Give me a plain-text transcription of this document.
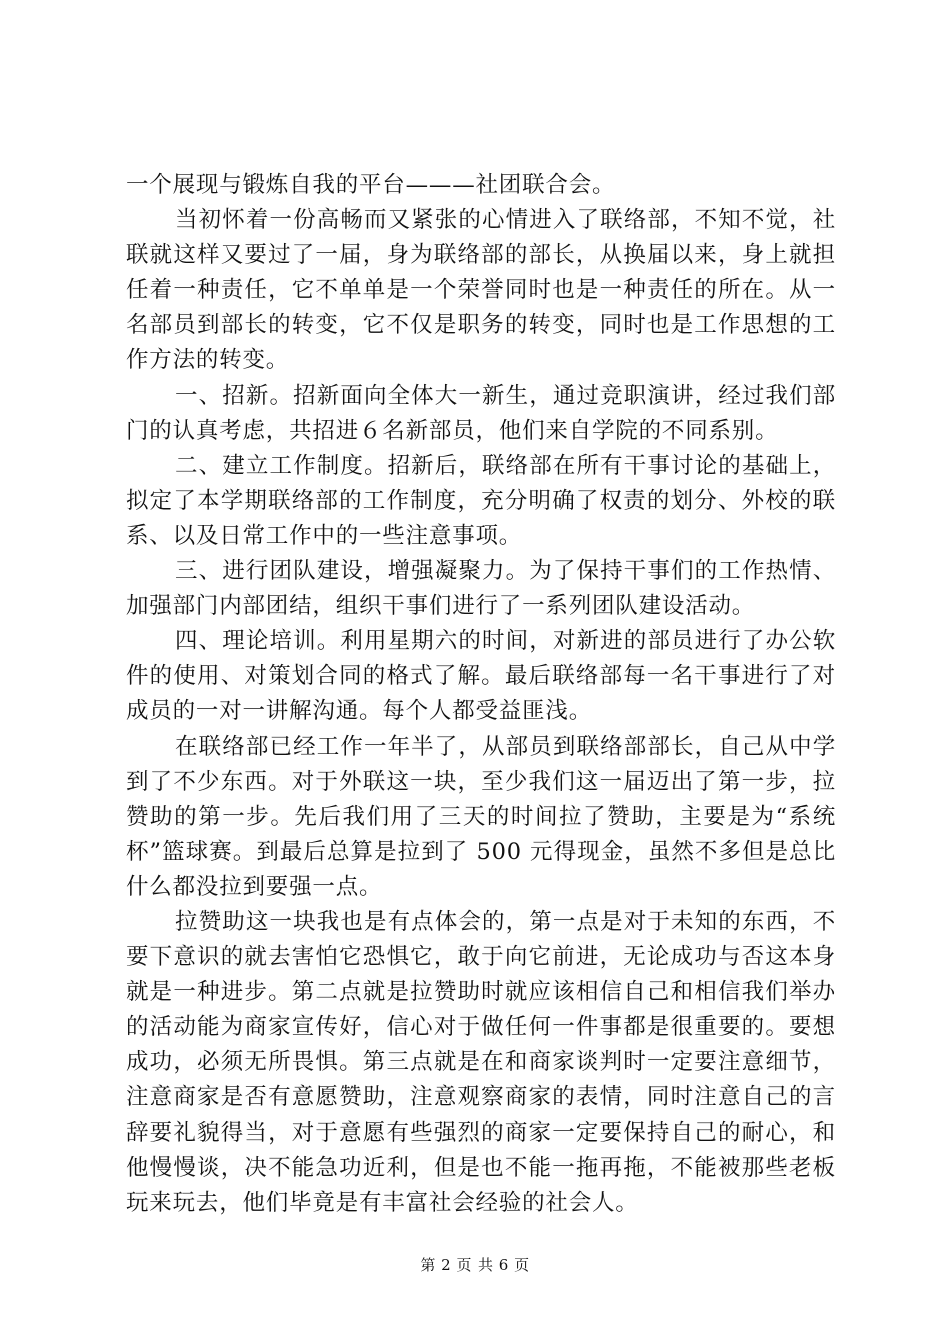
一个展现与锻炼自我的平台———社团联合会。

当初怀着一份高畅而又紧张的心情进入了联络部，不知不觉，社联就这样又要过了一届，身为联络部的部长，从换届以来，身上就担任着一种责任，它不单单是一个荣誉同时也是一种责任的所在。从一名部员到部长的转变，它不仅是职务的转变，同时也是工作思想的工作方法的转变。

一、招新。招新面向全体大一新生，通过竞职演讲，经过我们部门的认真考虑，共招进６名新部员，他们来自学院的不同系别。

二、建立工作制度。招新后，联络部在所有干事讨论的基础上，拟定了本学期联络部的工作制度，充分明确了权责的划分、外校的联系、以及日常工作中的一些注意事项。

三、进行团队建设，增强凝聚力。为了保持干事们的工作热情、加强部门内部团结，组织干事们进行了一系列团队建设活动。

四、理论培训。利用星期六的时间，对新进的部员进行了办公软件的使用、对策划合同的格式了解。最后联络部每一名干事进行了对成员的一对一讲解沟通。每个人都受益匪浅。

在联络部已经工作一年半了，从部员到联络部部长，自己从中学到了不少东西。对于外联这一块，至少我们这一届迈出了第一步，拉赞助的第一步。先后我们用了三天的时间拉了赞助，主要是为“系统杯”篮球赛。到最后总算是拉到了 500 元得现金，虽然不多但是总比什么都没拉到要强一点。

拉赞助这一块我也是有点体会的，第一点是对于未知的东西，不要下意识的就去害怕它恐惧它，敢于向它前进，无论成功与否这本身就是一种进步。第二点就是拉赞助时就应该相信自己和相信我们举办的活动能为商家宣传好，信心对于做任何一件事都是很重要的。要想成功，必须无所畏惧。第三点就是在和商家谈判时一定要注意细节，注意商家是否有意愿赞助，注意观察商家的表情，同时注意自己的言辞要礼貌得当，对于意愿有些强烈的商家一定要保持自己的耐心，和他慢慢谈，决不能急功近利，但是也不能一拖再拖，不能被那些老板玩来玩去，他们毕竟是有丰富社会经验的社会人。

第 2 页 共 6 页
